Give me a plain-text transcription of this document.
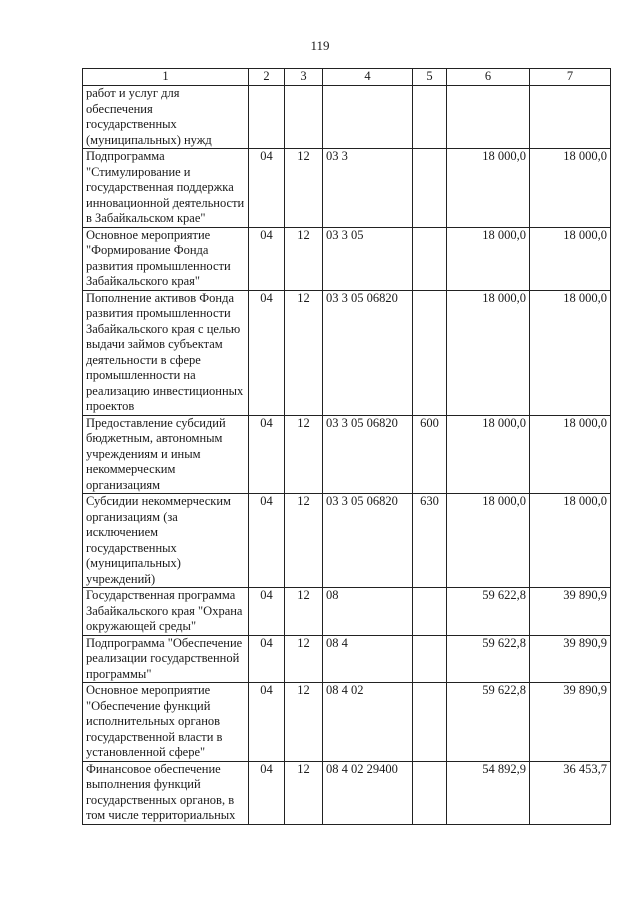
119
1	2	3	4	5	6	7
работ и услуг для обеспечения государственных (муниципальных) нужд						
Подпрограмма "Стимулирование и государственная поддержка инновационной деятельности в Забайкальском крае"	04	12	03 3		18 000,0	18 000,0
Основное мероприятие "Формирование Фонда развития промышленности Забайкальского края"	04	12	03 3 05		18 000,0	18 000,0
Пополнение активов Фонда развития промышленности Забайкальского края с целью выдачи займов субъектам деятельности в сфере промышленности на реализацию инвестиционных проектов	04	12	03 3 05 06820		18 000,0	18 000,0
Предоставление субсидий бюджетным, автономным учреждениям и иным некоммерческим организациям	04	12	03 3 05 06820	600	18 000,0	18 000,0
Субсидии некоммерческим организациям (за исключением государственных (муниципальных) учреждений)	04	12	03 3 05 06820	630	18 000,0	18 000,0
Государственная программа Забайкальского края "Охрана окружающей среды"	04	12	08		59 622,8	39 890,9
Подпрограмма "Обеспечение реализации государственной программы"	04	12	08 4		59 622,8	39 890,9
Основное мероприятие "Обеспечение функций исполнительных органов государственной власти в установленной сфере"	04	12	08 4 02		59 622,8	39 890,9
Финансовое обеспечение выполнения функций государственных органов, в том числе территориальных	04	12	08 4 02 29400		54 892,9	36 453,7
